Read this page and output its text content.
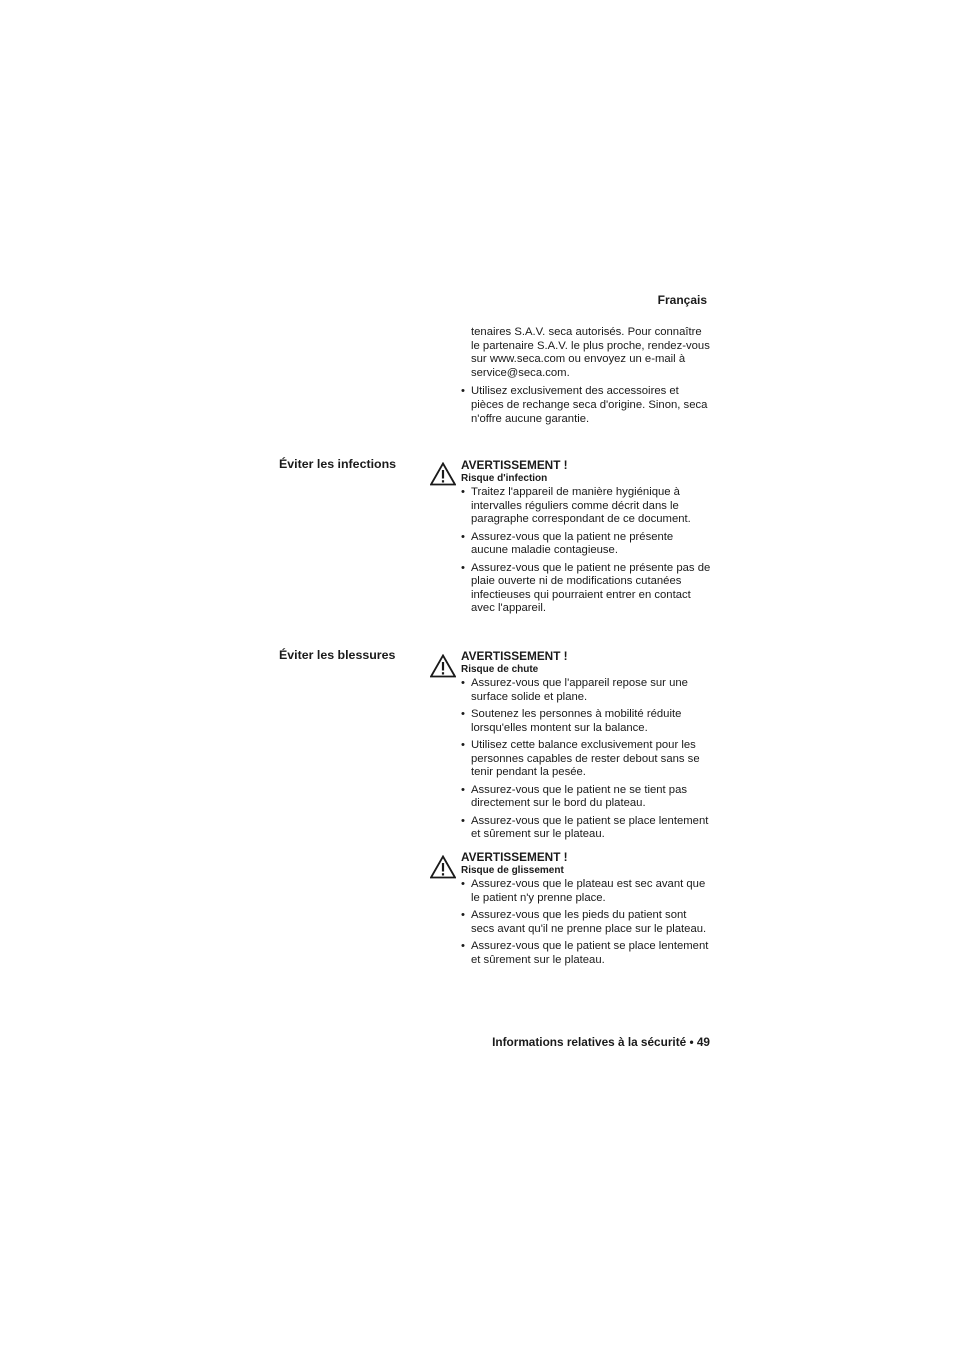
Français

tenaires S.A.V. seca autorisés. Pour connaître le partenaire S.A.V. le plus proche, rendez-vous sur www.seca.com ou envoyez un e-mail à service@seca.com.

• Utilisez exclusivement des accessoires et pièces de rechange seca d'origine. Sinon, seca n'offre aucune garantie.
Éviter les infections	AVERTISSEMENT !
Risque d'infection
• Traitez l'appareil de manière hygiénique à intervalles réguliers comme décrit dans le paragraphe correspondant de ce document.
• Assurez-vous que la patient ne présente aucune maladie contagieuse.
• Assurez-vous que le patient ne présente pas de plaie ouverte ni de modifications cutanées infectieuses qui pourraient entrer en contact avec l'appareil.
Éviter les blessures	AVERTISSEMENT !
Risque de chute
• Assurez-vous que l'appareil repose sur une surface solide et plane.
• Soutenez les personnes à mobilité réduite lorsqu'elles montent sur la balance.
• Utilisez cette balance exclusivement pour les personnes capables de rester debout sans se tenir pendant la pesée.
• Assurez-vous que le patient ne se tient pas directement sur le bord du plateau.
• Assurez-vous que le patient se place lentement et sûrement sur le plateau.
AVERTISSEMENT !
Risque de glissement
• Assurez-vous que le plateau est sec avant que le patient n'y prenne place.
• Assurez-vous que les pieds du patient sont secs avant qu'il ne prenne place sur le plateau.
• Assurez-vous que le patient se place lentement et sûrement sur le plateau.
Informations relatives à la sécurité • 49
